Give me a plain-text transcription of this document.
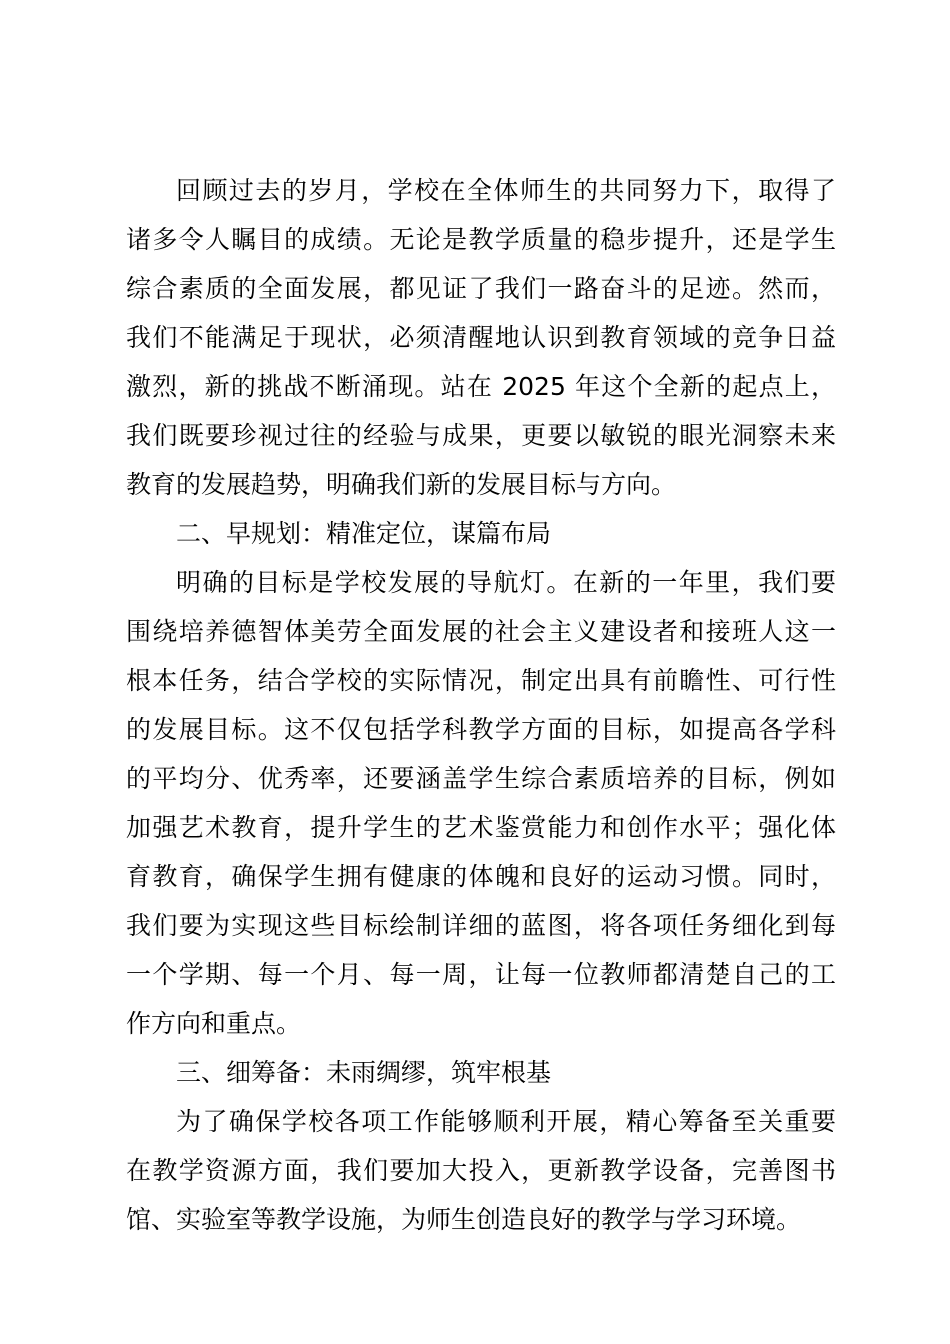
回顾过去的岁月，学校在全体师生的共同努力下，取得了
诸多令人瞩目的成绩。无论是教学质量的稳步提升，还是学生
综合素质的全面发展，都见证了我们一路奋斗的足迹。然而，
我们不能满足于现状，必须清醒地认识到教育领域的竞争日益
激烈，新的挑战不断涌现。站在 2025 年这个全新的起点上，
我们既要珍视过往的经验与成果，更要以敏锐的眼光洞察未来
教育的发展趋势，明确我们新的发展目标与方向。
二、早规划：精准定位，谋篇布局
明确的目标是学校发展的导航灯。在新的一年里，我们要
围绕培养德智体美劳全面发展的社会主义建设者和接班人这一
根本任务，结合学校的实际情况，制定出具有前瞻性、可行性
的发展目标。这不仅包括学科教学方面的目标，如提高各学科
的平均分、优秀率，还要涵盖学生综合素质培养的目标，例如
加强艺术教育，提升学生的艺术鉴赏能力和创作水平；强化体
育教育，确保学生拥有健康的体魄和良好的运动习惯。同时，
我们要为实现这些目标绘制详细的蓝图，将各项任务细化到每
一个学期、每一个月、每一周，让每一位教师都清楚自己的工
作方向和重点。
三、细筹备：未雨绸缪，筑牢根基
为了确保学校各项工作能够顺利开展，精心筹备至关重要
在教学资源方面，我们要加大投入，更新教学设备，完善图书
馆、实验室等教学设施，为师生创造良好的教学与学习环境。
